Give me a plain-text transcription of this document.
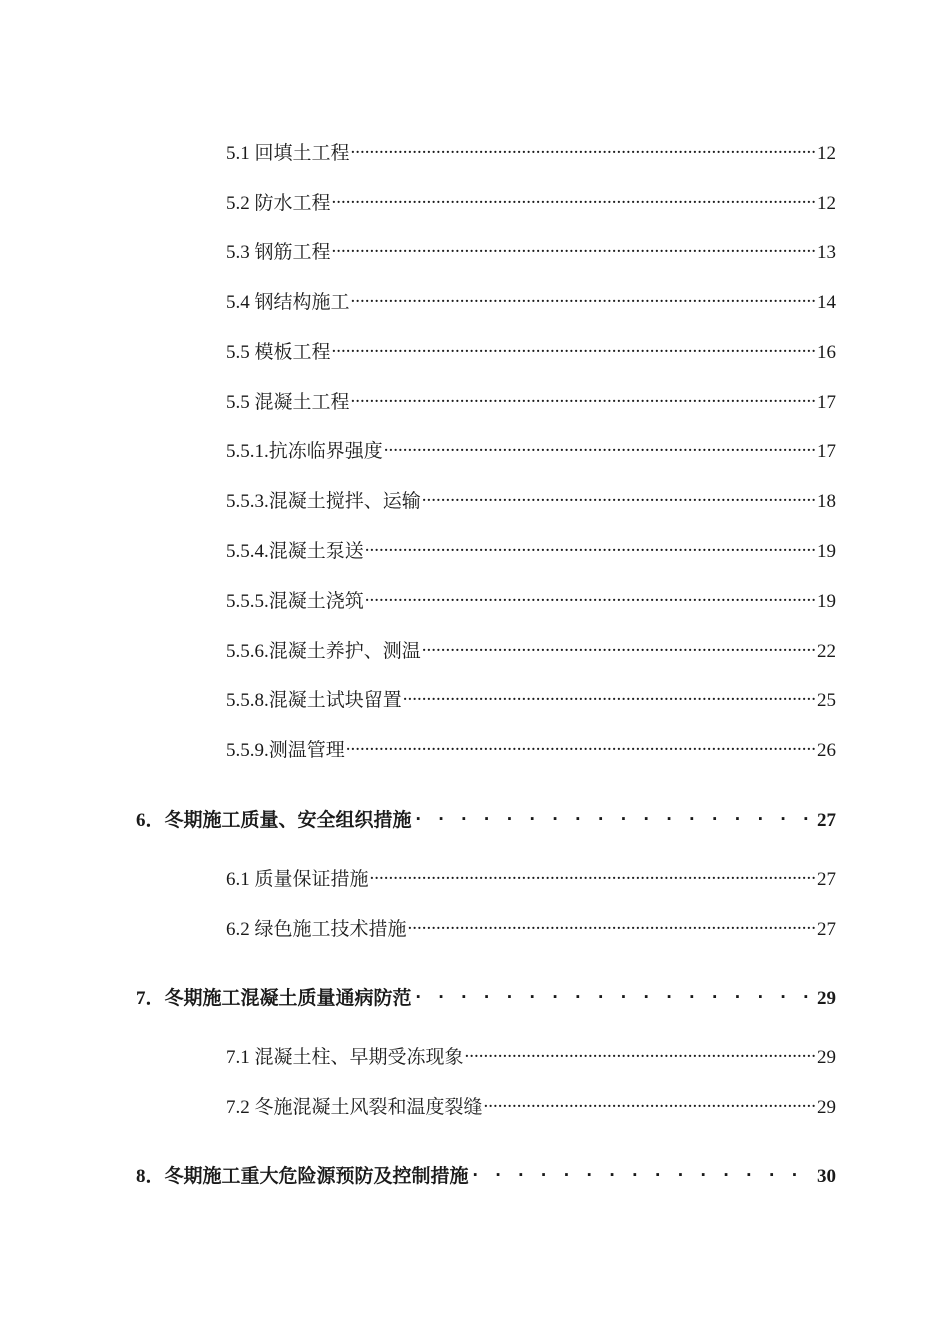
5.1 回填土工程 .....	12
5.2 防水工程 .....	12
5.3 钢筋工程 .....	13
5.4 钢结构施工 .....	14
5.5 模板工程 .....	16
5.5 混凝土工程 .....	17
5.5.1.抗冻临界强度 .....	17
5.5.3.混凝土搅拌、运输 .....	18
5.5.4.混凝土泵送 .....	19
5.5.5.混凝土浇筑 .....	19
5.5.6.混凝土养护、测温 .....	22
5.5.8.混凝土试块留置 .....	25
5.5.9.测温管理 .....	26
6．冬期施工质量、安全组织措施 . . .	27
6.1 质量保证措施 .....	27
6.2 绿色施工技术措施 .....	27
7．冬期施工混凝土质量通病防范 . . .	29
7.1 混凝土柱、早期受冻现象 .....	29
7.2 冬施混凝土风裂和温度裂缝 .....	29
8．冬期施工重大危险源预防及控制措施 . . .	30
